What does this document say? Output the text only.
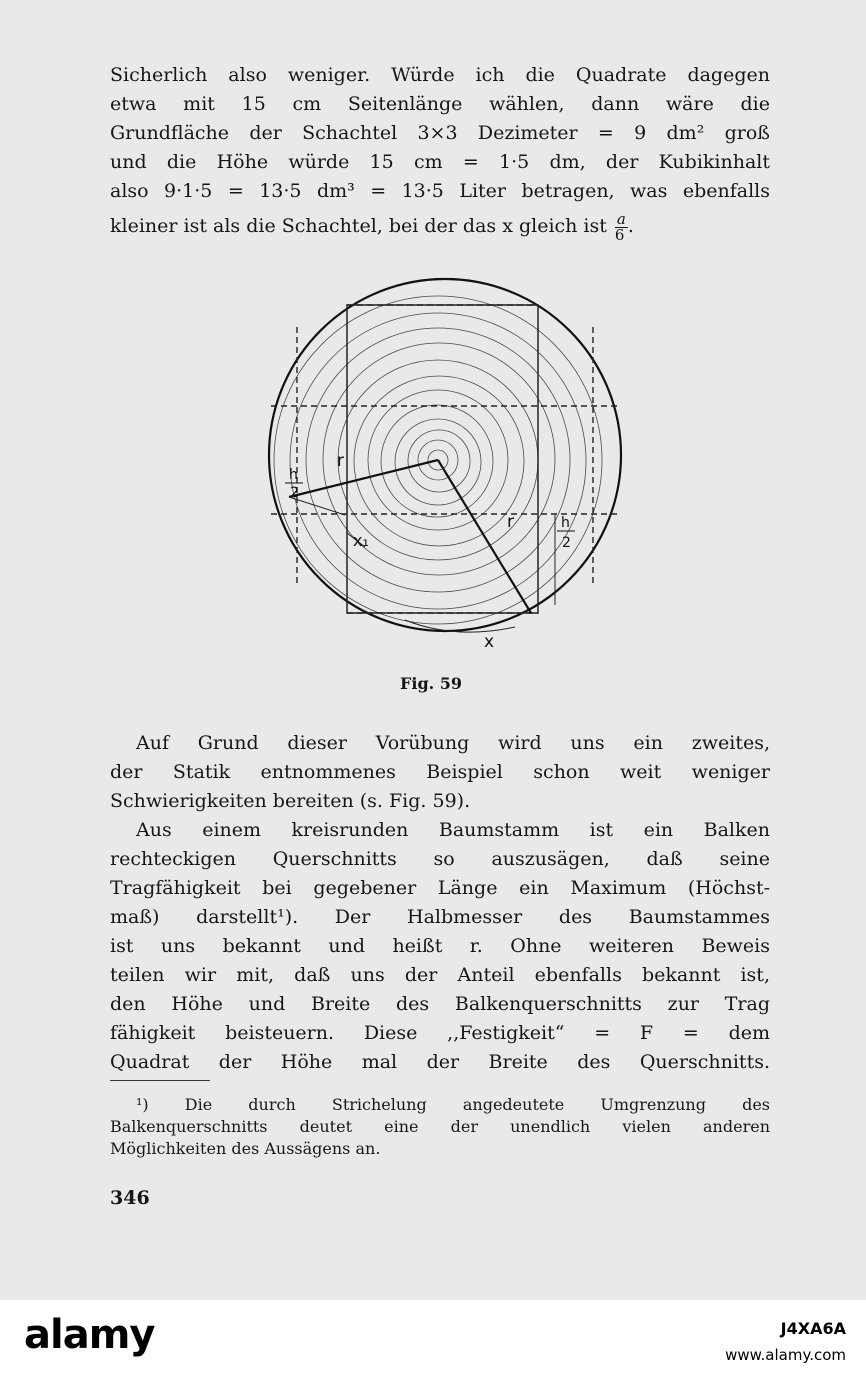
Sicherlich also weniger. Würde ich die Quadrate dagegen
etwa mit 15 cm Seitenlänge wählen, dann wäre die
Grundfläche der Schachtel 3×3 Dezimeter = 9 dm² groß
und die Höhe würde 15 cm = 1·5 dm, der Kubikinhalt
also 9·1·5 = 13·5 dm³ = 13·5 Liter betragen, was ebenfalls
kleiner ist als die Schachtel, bei der das x gleich ist $\frac{a}{6}$ .
r
r
x
x₁
h
2
h
2
Fig. 59
Auf Grund dieser Vorübung wird uns ein zweites,
der Statik entnommenes Beispiel schon weit weniger
Schwierigkeiten bereiten (s. Fig. 59).
Aus einem kreisrunden Baumstamm ist ein Balken
rechteckigen Querschnitts so auszusägen, daß seine
Tragfähigkeit bei gegebener Länge ein Maximum (Höchst-
maß) darstellt¹). Der Halbmesser des Baumstammes
ist uns bekannt und heißt r. Ohne weiteren Beweis
teilen wir mit, daß uns der Anteil ebenfalls bekannt ist,
den Höhe und Breite des Balkenquerschnitts zur Trag
fähigkeit beisteuern. Diese ,,Festigkeit“ = F = dem
Quadrat der Höhe mal der Breite des Querschnitts.
¹) Die durch Strichelung angedeutete Umgrenzung des
Balkenquerschnitts deutet eine der unendlich vielen anderen
Möglichkeiten des Aussägens an.
346
alamy	J4XA6A
www.alamy.com
